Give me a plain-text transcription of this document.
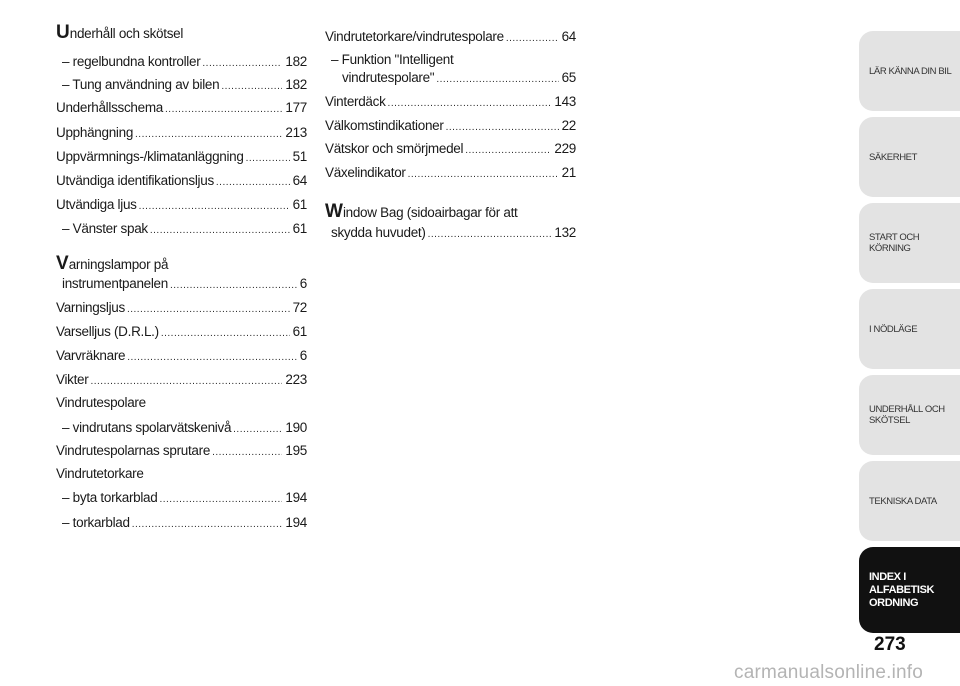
Underhåll och skötsel
– regelbundna kontroller .....	182
– Tung användning av bilen .....	182
Underhållsschema .....	177
Upphängning .....	213
Uppvärmnings-/klimatanläggning .....	51
Utvändiga identifikationsljus .....	64
Utvändiga ljus .....	61
– Vänster spak .....	61
Varningslampor på
instrumentpanelen .....	6
Varningsljus .....	72
Varselljus (D.R.L.) .....	61
Varvräknare .....	6
Vikter .....	223
Vindrutespolare
– vindrutans spolarvätskenivå .....	190
Vindrutespolarnas sprutare .....	195
Vindrutetorkare
– byta torkarblad .....	194
– torkarblad .....	194
Vindrutetorkare/vindrutespolare .....	64
– Funktion "Intelligent
vindrutespolare" .....	65
Vinterdäck .....	143
Välkomstindikationer .....	22
Vätskor och smörjmedel .....	229
Växelindikator .....	21
Window Bag (sidoairbagar för att
skydda huvudet) .....	132
LÄR KÄNNA DIN BIL
SÄKERHET
START OCH
KÖRNING
I NÖDLÄGE
UNDERHÅLL OCH
SKÖTSEL
TEKNISKA DATA
INDEX I
ALFABETISK
ORDNING
273
carmanualsonline.info
